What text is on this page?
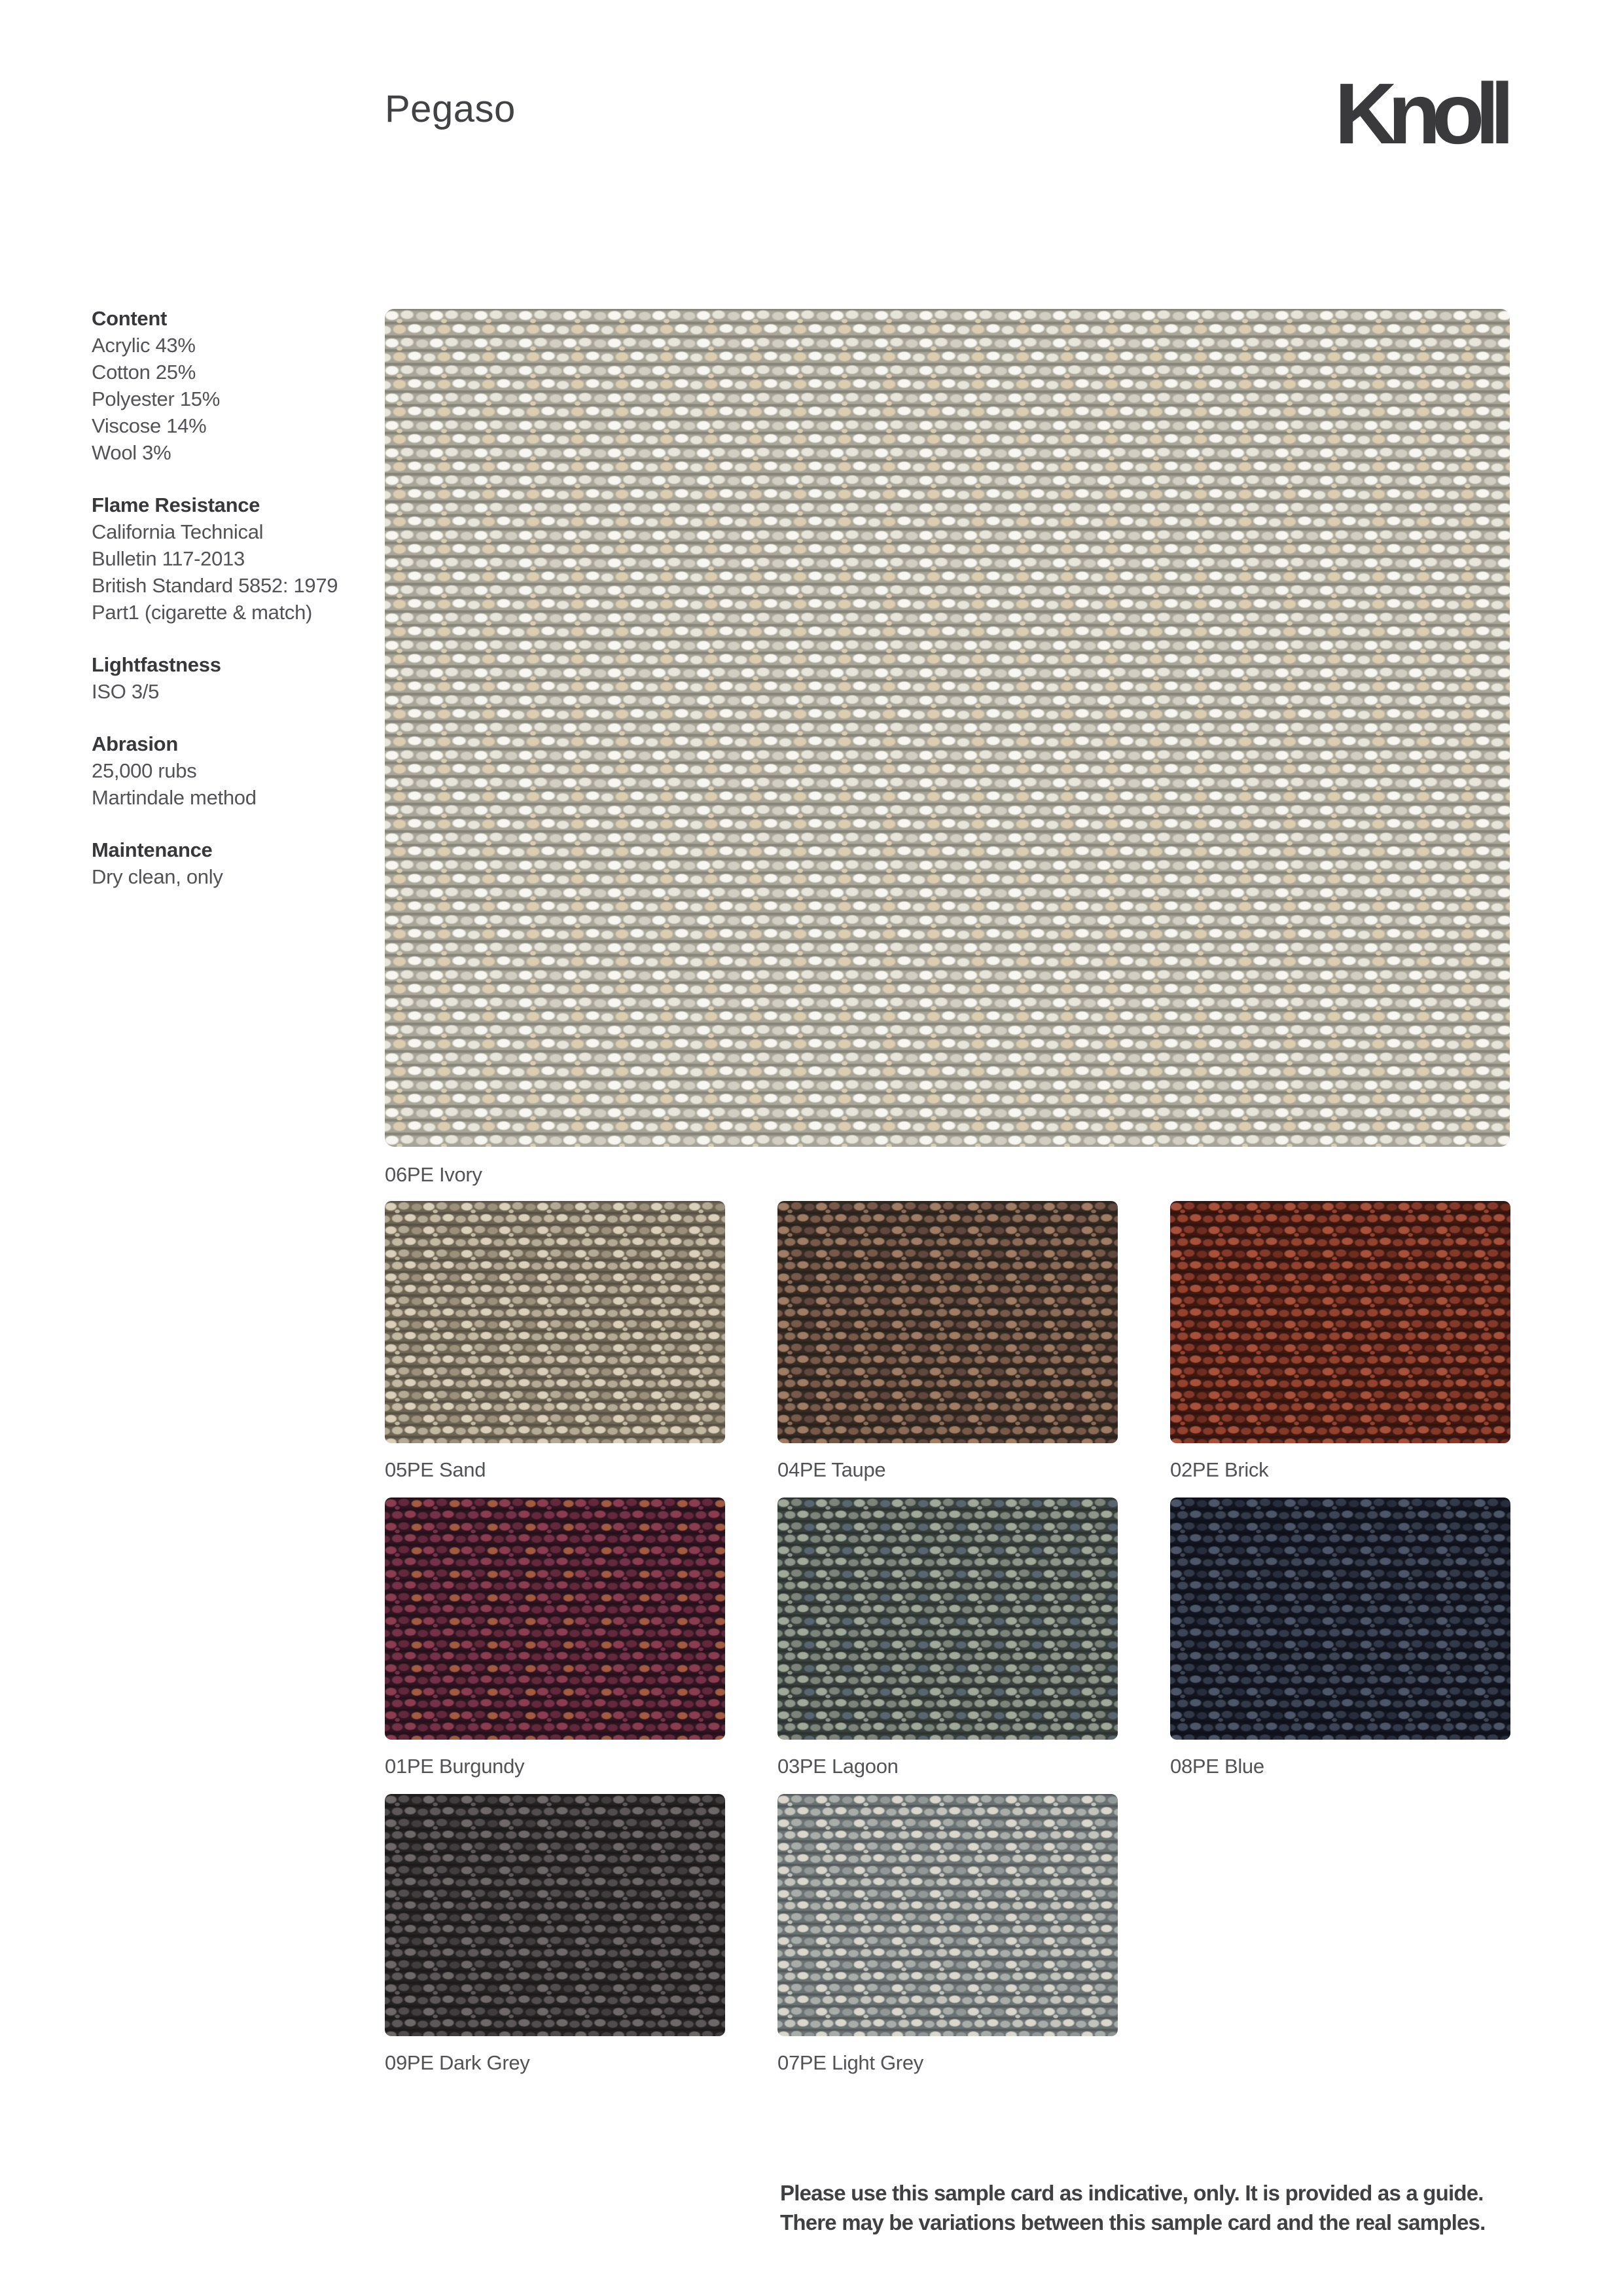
Pegaso	Knoll
Content
Acrylic 43%
Cotton 25%
Polyester 15%
Viscose 14%
Wool 3%
Flame Resistance
California Technical
Bulletin 117-2013
British Standard 5852: 1979
Part1 (cigarette & match)
Lightfastness
ISO 3/5
Abrasion
25,000 rubs
Martindale method
Maintenance
Dry clean, only
06PE Ivory
05PE Sand	04PE Taupe	02PE Brick
01PE Burgundy	03PE Lagoon	08PE Blue
09PE Dark Grey	07PE Light Grey
Please use this sample card as indicative, only. It is provided as a guide.
There may be variations between this sample card and the real samples.
